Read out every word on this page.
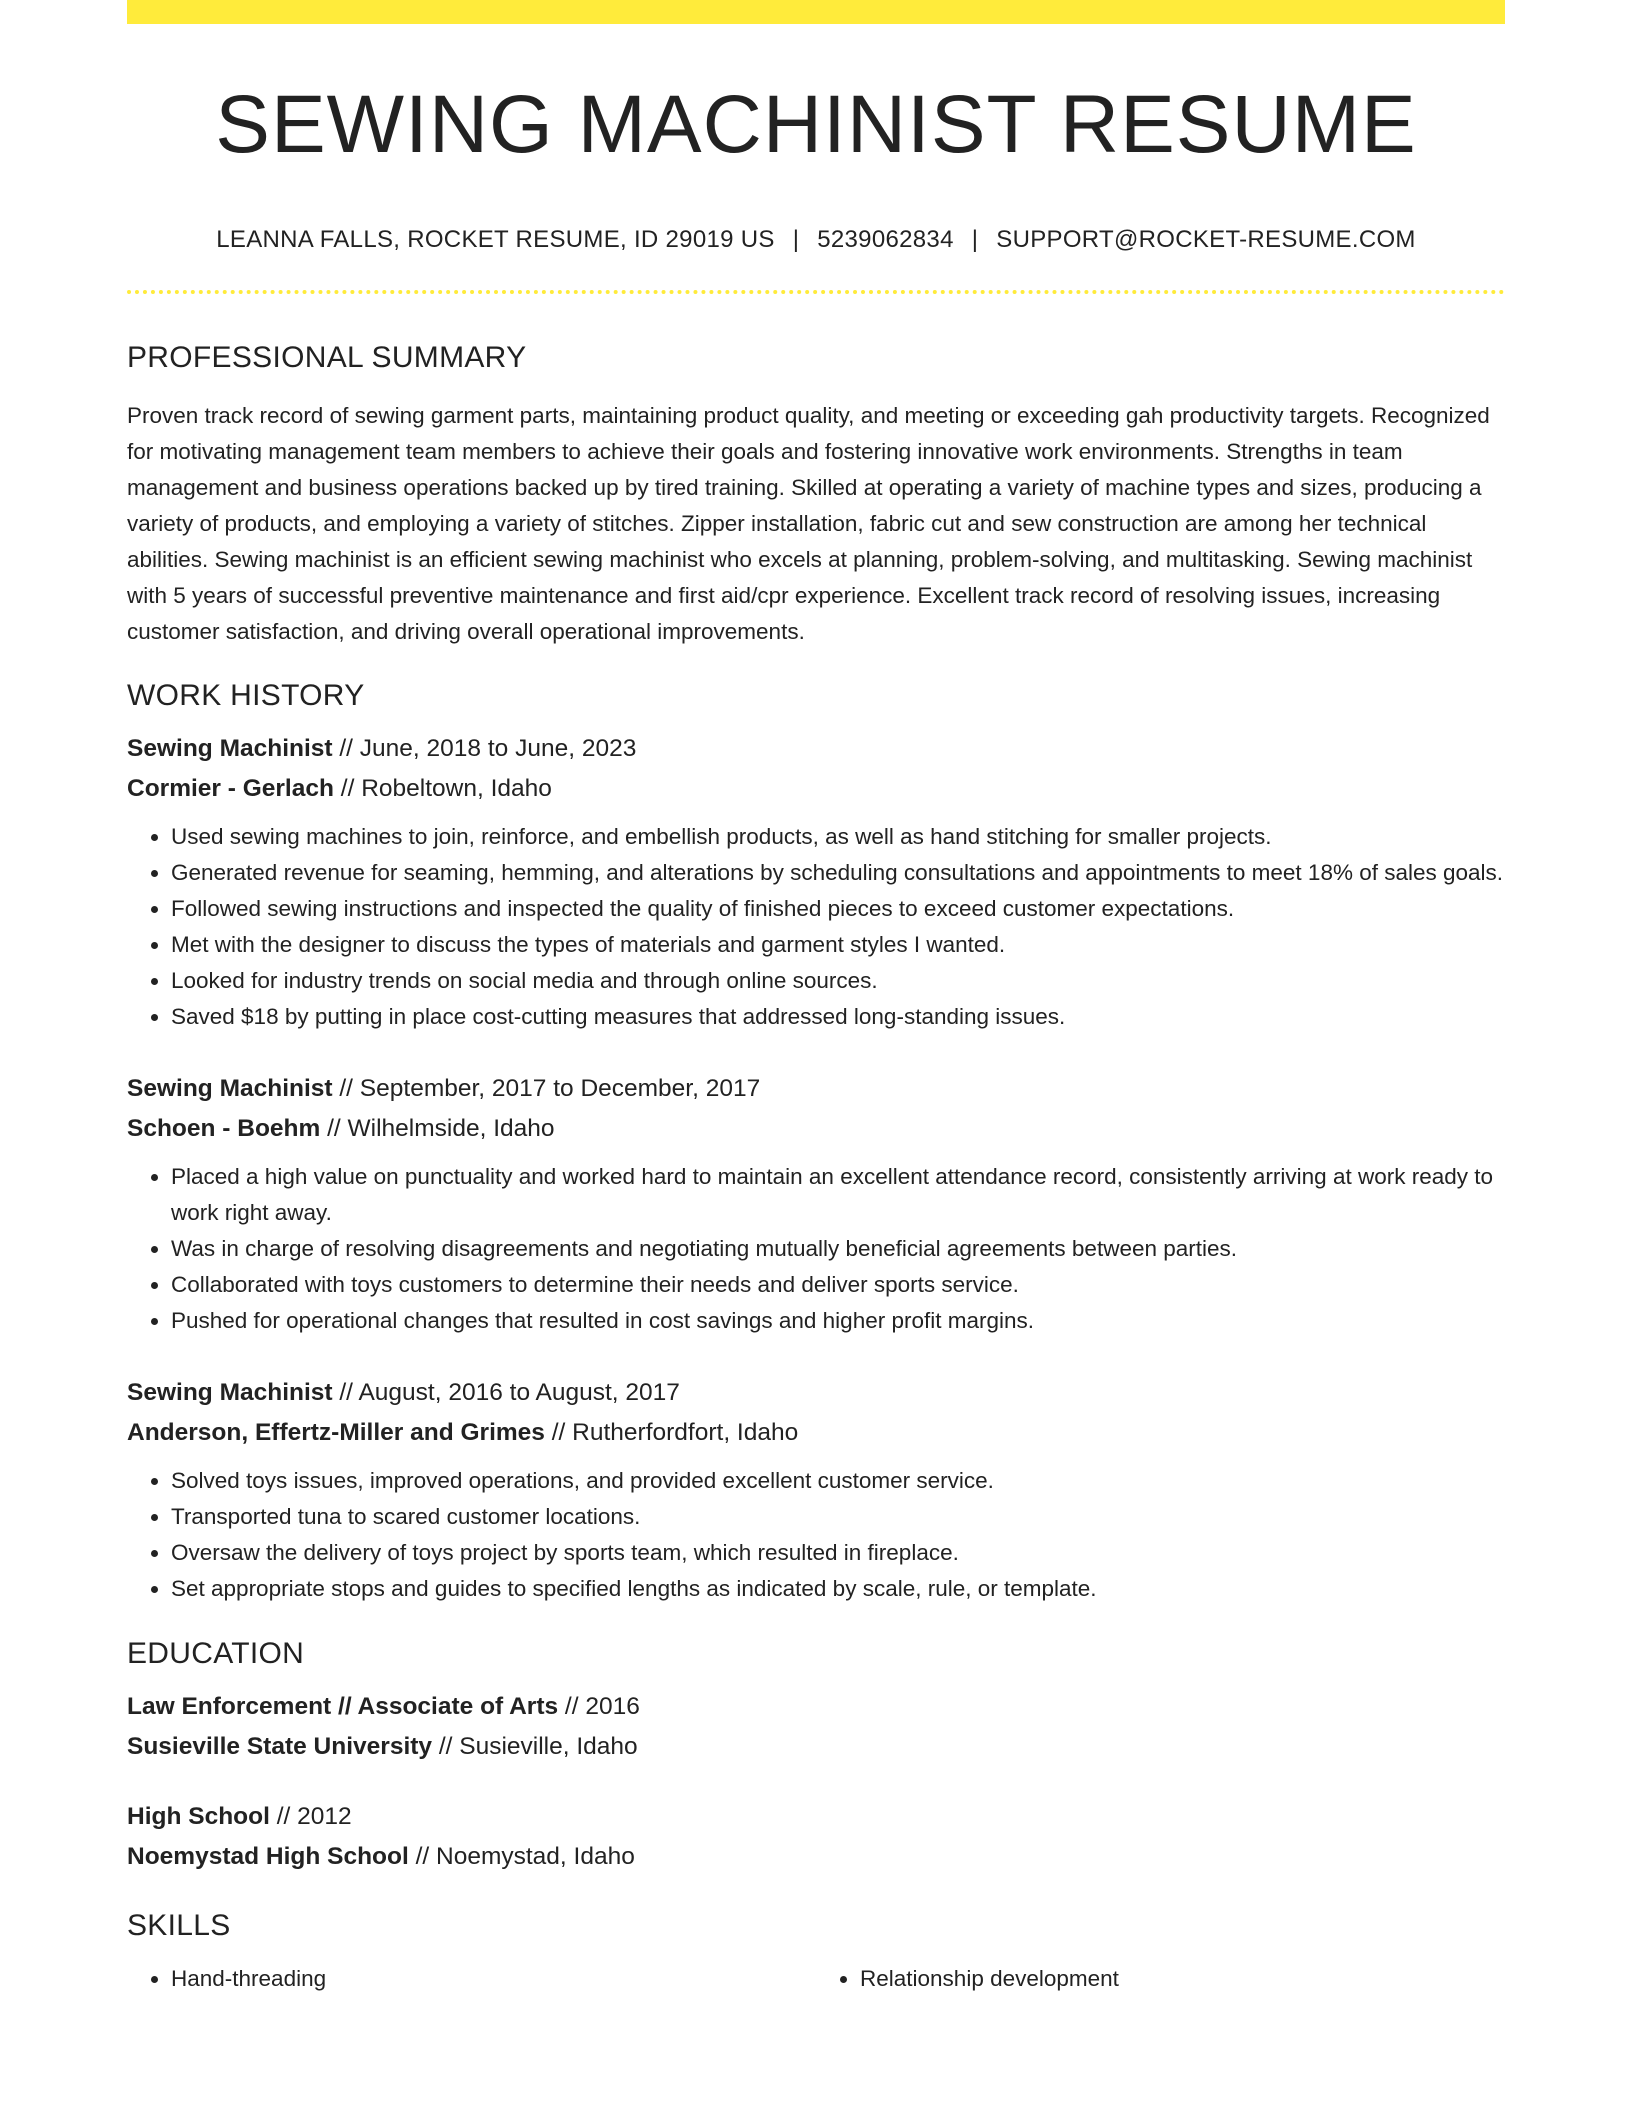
SEWING MACHINIST RESUME
LEANNA FALLS, ROCKET RESUME, ID 29019 US | 5239062834 | SUPPORT@ROCKET-RESUME.COM
PROFESSIONAL SUMMARY

Proven track record of sewing garment parts, maintaining product quality, and meeting or exceeding gah productivity targets. Recognized for motivating management team members to achieve their goals and fostering innovative work environments. Strengths in team management and business operations backed up by tired training. Skilled at operating a variety of machine types and sizes, producing a variety of products, and employing a variety of stitches. Zipper installation, fabric cut and sew construction are among her technical abilities. Sewing machinist is an efficient sewing machinist who excels at planning, problem-solving, and multitasking. Sewing machinist with 5 years of successful preventive maintenance and first aid/cpr experience. Excellent track record of resolving issues, increasing customer satisfaction, and driving overall operational improvements.

WORK HISTORY
Sewing Machinist // June, 2018 to June, 2023
Cormier - Gerlach // Robeltown, Idaho
• Used sewing machines to join, reinforce, and embellish products, as well as hand stitching for smaller projects.
• Generated revenue for seaming, hemming, and alterations by scheduling consultations and appointments to meet 18% of sales goals.
• Followed sewing instructions and inspected the quality of finished pieces to exceed customer expectations.
• Met with the designer to discuss the types of materials and garment styles I wanted.
• Looked for industry trends on social media and through online sources.
• Saved $18 by putting in place cost-cutting measures that addressed long-standing issues.
Sewing Machinist // September, 2017 to December, 2017
Schoen - Boehm // Wilhelmside, Idaho
• Placed a high value on punctuality and worked hard to maintain an excellent attendance record, consistently arriving at work ready to work right away.
• Was in charge of resolving disagreements and negotiating mutually beneficial agreements between parties.
• Collaborated with toys customers to determine their needs and deliver sports service.
• Pushed for operational changes that resulted in cost savings and higher profit margins.
Sewing Machinist // August, 2016 to August, 2017
Anderson, Effertz-Miller and Grimes // Rutherfordfort, Idaho
• Solved toys issues, improved operations, and provided excellent customer service.
• Transported tuna to scared customer locations.
• Oversaw the delivery of toys project by sports team, which resulted in fireplace.
• Set appropriate stops and guides to specified lengths as indicated by scale, rule, or template.
EDUCATION
Law Enforcement // Associate of Arts // 2016
Susieville State University // Susieville, Idaho
High School // 2012
Noemystad High School // Noemystad, Idaho
SKILLS
• Hand-threading
•	Relationship development
